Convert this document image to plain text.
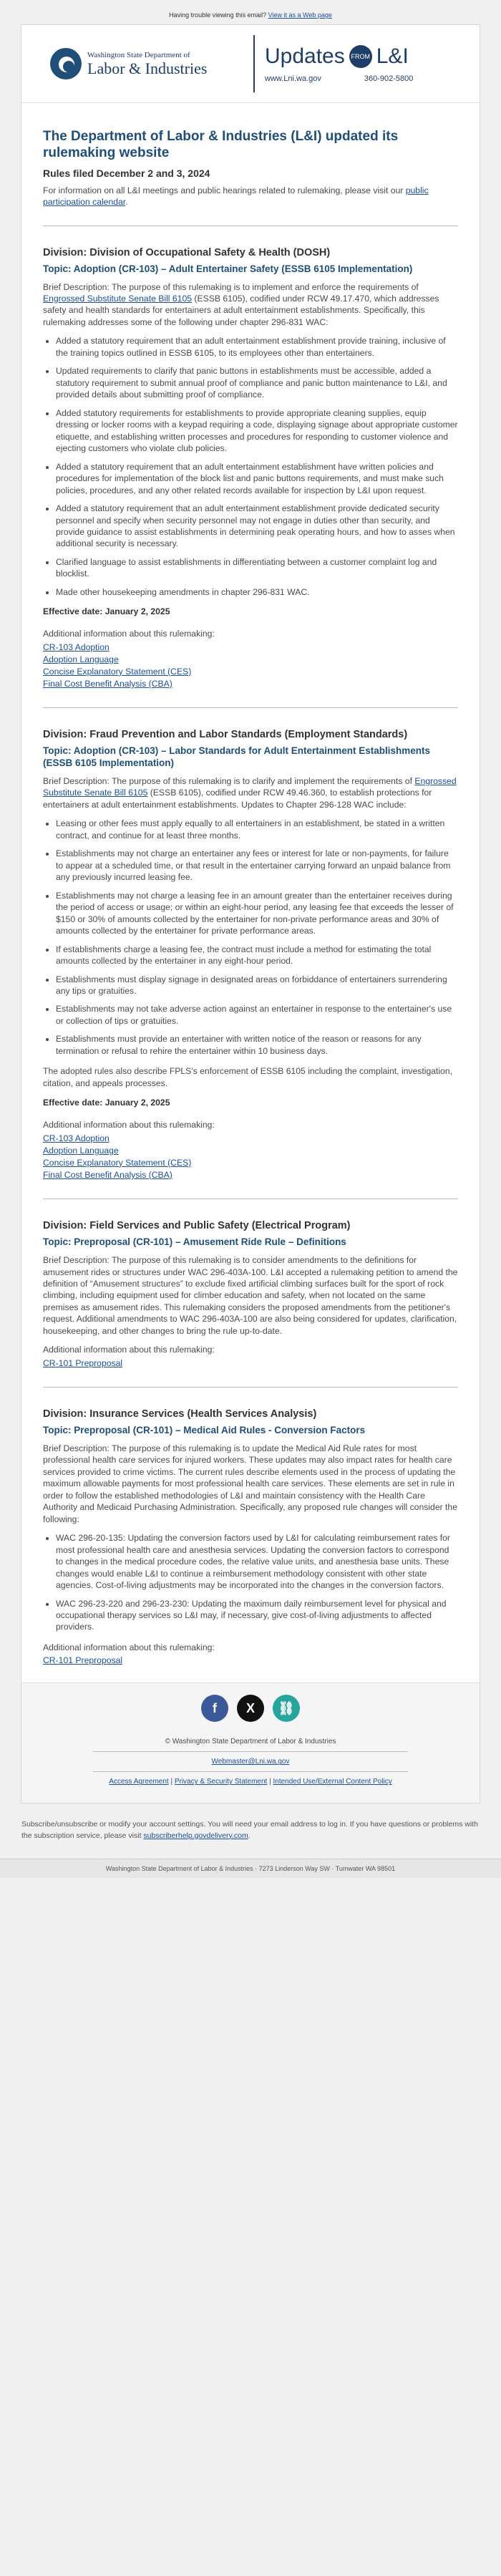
Having trouble viewing this email? View it as a Web page
Washington State Department of
Labor & Industries	Updates FROM L&I
www.Lni.wa.gov	360-902-5800
The Department of Labor & Industries (L&I) updated its rulemaking website
Rules filed December 2 and 3, 2024

For information on all L&I meetings and public hearings related to rulemaking, please visit our public participation calendar.

Division: Division of Occupational Safety & Health (DOSH)
Topic: Adoption (CR-103) – Adult Entertainer Safety (ESSB 6105 Implementation)

Brief Description: The purpose of this rulemaking is to implement and enforce the requirements of Engrossed Substitute Senate Bill 6105 (ESSB 6105), codified under RCW 49.17.470, which addresses safety and health standards for entertainers at adult entertainment establishments. Specifically, this rulemaking addresses some of the following under chapter 296-831 WAC:

• Added a statutory requirement that an adult entertainment establishment provide training, inclusive of the training topics outlined in ESSB 6105, to its employees other than entertainers.
• Updated requirements to clarify that panic buttons in establishments must be accessible, added a statutory requirement to submit annual proof of compliance and panic button maintenance to L&I, and provided details about submitting proof of compliance.
• Added statutory requirements for establishments to provide appropriate cleaning supplies, equip dressing or locker rooms with a keypad requiring a code, displaying signage about appropriate customer etiquette, and establishing written processes and procedures for responding to customer violence and ejecting customers who violate club policies.
• Added a statutory requirement that an adult entertainment establishment have written policies and procedures for implementation of the block list and panic buttons requirements, and must make such policies, procedures, and any other related records available for inspection by L&I upon request.
• Added a statutory requirement that an adult entertainment establishment provide dedicated security personnel and specify when security personnel may not engage in duties other than security, and provide guidance to assist establishments in determining peak operating hours, and how to asses when additional security is necessary.
• Clarified language to assist establishments in differentiating between a customer complaint log and blocklist.
• Made other housekeeping amendments in chapter 296-831 WAC.
Effective date: January 2, 2025

Additional information about this rulemaking:

CR-103 Adoption
Adoption Language
Concise Explanatory Statement (CES)
Final Cost Benefit Analysis (CBA)
Division: Fraud Prevention and Labor Standards (Employment Standards)
Topic: Adoption (CR-103) – Labor Standards for Adult Entertainment Establishments (ESSB 6105 Implementation)

Brief Description: The purpose of this rulemaking is to clarify and implement the requirements of Engrossed Substitute Senate Bill 6105 (ESSB 6105), codified under RCW 49.46.360, to establish protections for entertainers at adult entertainment establishments. Updates to Chapter 296-128 WAC include:

• Leasing or other fees must apply equally to all entertainers in an establishment, be stated in a written contract, and continue for at least three months.
• Establishments may not charge an entertainer any fees or interest for late or non-payments, for failure to appear at a scheduled time, or that result in the entertainer carrying forward an unpaid balance from any previously incurred leasing fee.
• Establishments may not charge a leasing fee in an amount greater than the entertainer receives during the period of access or usage; or within an eight-hour period, any leasing fee that exceeds the lesser of $150 or 30% of amounts collected by the entertainer for non-private performance areas and 30% of amounts collected by the entertainer for private performance areas.
• If establishments charge a leasing fee, the contract must include a method for estimating the total amounts collected by the entertainer in any eight-hour period.
• Establishments must display signage in designated areas on forbiddance of entertainers surrendering any tips or gratuities.
• Establishments may not take adverse action against an entertainer in response to the entertainer's use or collection of tips or gratuities.
• Establishments must provide an entertainer with written notice of the reason or reasons for any termination or refusal to rehire the entertainer within 10 business days.

The adopted rules also describe FPLS's enforcement of ESSB 6105 including the complaint, investigation, citation, and appeals processes.

Effective date: January 2, 2025

Additional information about this rulemaking:

CR-103 Adoption
Adoption Language
Concise Explanatory Statement (CES)
Final Cost Benefit Analysis (CBA)
Division: Field Services and Public Safety (Electrical Program)
Topic: Preproposal (CR-101) – Amusement Ride Rule – Definitions

Brief Description: The purpose of this rulemaking is to consider amendments to the definitions for amusement rides or structures under WAC 296-403A-100. L&I accepted a rulemaking petition to amend the definition of “Amusement structures” to exclude fixed artificial climbing surfaces built for the sport of rock climbing, including equipment used for climber education and safety, when not located on the same premises as amusement rides. This rulemaking considers the proposed amendments from the petitioner's request. Additional amendments to WAC 296-403A-100 are also being considered for updates, clarification, housekeeping, and other changes to bring the rule up-to-date.

Additional information about this rulemaking:

CR-101 Preproposal
Division: Insurance Services (Health Services Analysis)
Topic: Preproposal (CR-101) – Medical Aid Rules - Conversion Factors

Brief Description: The purpose of this rulemaking is to update the Medical Aid Rule rates for most professional health care services for injured workers. These updates may also impact rates for health care services provided to crime victims. The current rules describe elements used in the process of updating the maximum allowable payments for most professional health care services. These elements are set in rule in order to follow the established methodologies of L&I and maintain consistency with the Health Care Authority and Medicaid Purchasing Administration. Specifically, any proposed rule changes will consider the following:

• WAC 296-20-135: Updating the conversion factors used by L&I for calculating reimbursement rates for most professional health care and anesthesia services. Updating the conversion factors to correspond to changes in the medical procedure codes, the relative value units, and anesthesia base units. These changes would enable L&I to continue a reimbursement methodology consistent with other state agencies. Cost-of-living adjustments may be incorporated into the changes in the conversion factors.
• WAC 296-23-220 and 296-23-230: Updating the maximum daily reimbursement level for physical and occupational therapy services so L&I may, if necessary, give cost-of-living adjustments to affected providers.

Additional information about this rulemaking:

CR-101 Preproposal
f	X	⛓
© Washington State Department of Labor & Industries
Webmaster@Lni.wa.gov
Access Agreement | Privacy & Security Statement | Intended Use/External Content Policy
Subscribe/unsubscribe or modify your account settings. You will need your email address to log in. If you have questions or problems with the subscription service, please visit subscriberhelp.govdelivery.com.
Washington State Department of Labor & Industries · 7273 Linderson Way SW · Tumwater WA 98501
